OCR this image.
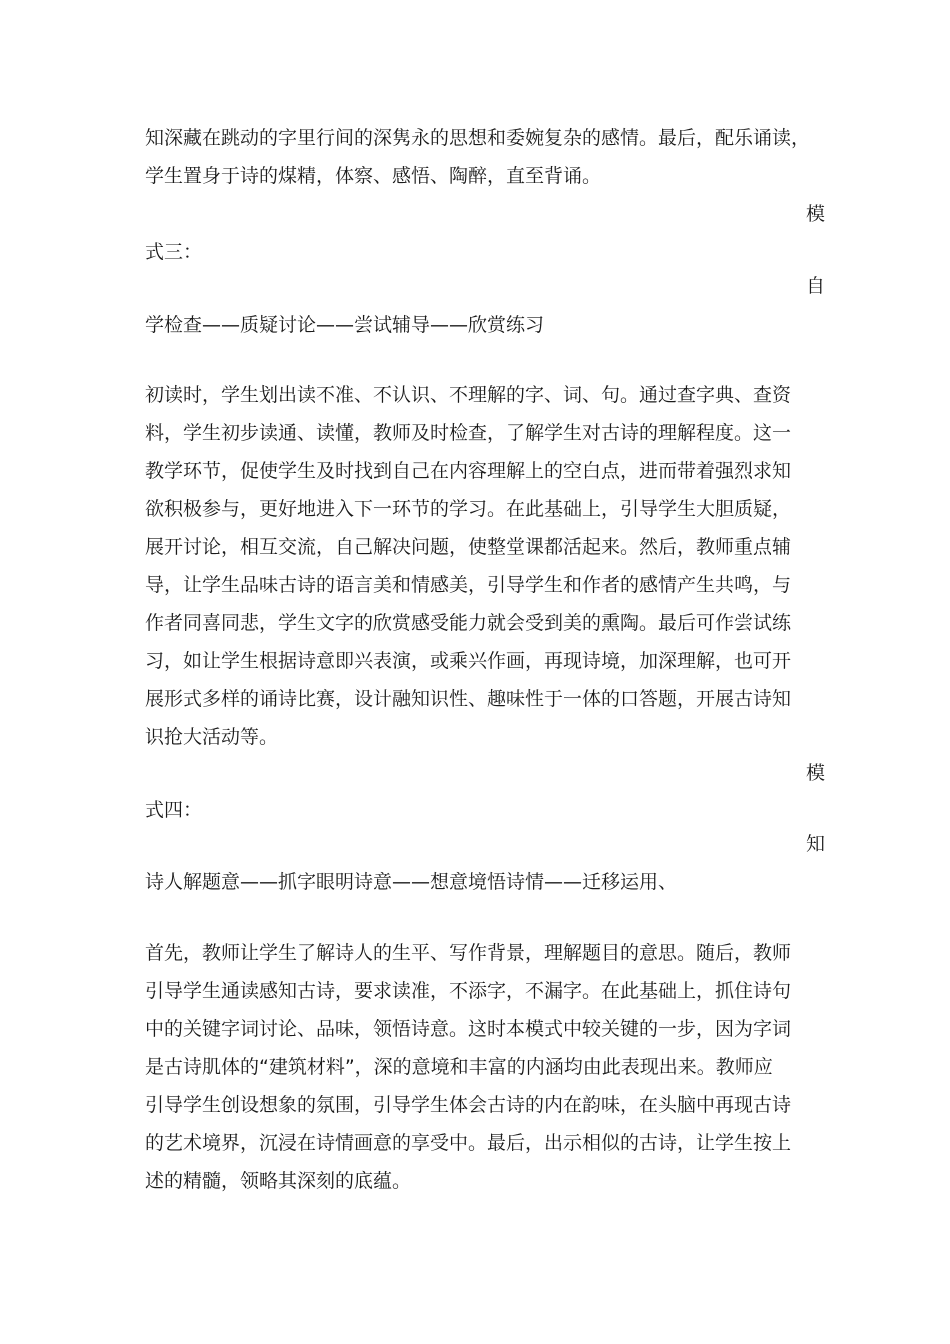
知深藏在跳动的字里行间的深隽永的思想和委婉复杂的感情。最后，配乐诵读，
学生置身于诗的煤精，体察、感悟、陶醉，直至背诵。
模
式三：
自
学检查——质疑讨论——尝试辅导——欣赏练习
初读时，学生划出读不准、不认识、不理解的字、词、句。通过查字典、查资
料，学生初步读通、读懂，教师及时检查，了解学生对古诗的理解程度。这一
教学环节，促使学生及时找到自己在内容理解上的空白点，进而带着强烈求知
欲积极参与，更好地进入下一环节的学习。在此基础上，引导学生大胆质疑，
展开讨论，相互交流，自己解决问题，使整堂课都活起来。然后，教师重点辅
导，让学生品味古诗的语言美和情感美，引导学生和作者的感情产生共鸣，与
作者同喜同悲，学生文字的欣赏感受能力就会受到美的熏陶。最后可作尝试练
习，如让学生根据诗意即兴表演，或乘兴作画，再现诗境，加深理解，也可开
展形式多样的诵诗比赛，设计融知识性、趣味性于一体的口答题，开展古诗知
识抢大活动等。
模
式四：
知
诗人解题意——抓字眼明诗意——想意境悟诗情——迁移运用、
首先，教师让学生了解诗人的生平、写作背景，理解题目的意思。随后，教师
引导学生通读感知古诗，要求读准，不添字，不漏字。在此基础上，抓住诗句
中的关键字词讨论、品味，领悟诗意。这时本模式中较关键的一步，因为字词
是古诗肌体的“建筑材料”，深的意境和丰富的内涵均由此表现出来。教师应
引导学生创设想象的氛围，引导学生体会古诗的内在韵味，在头脑中再现古诗
的艺术境界，沉浸在诗情画意的享受中。最后，出示相似的古诗，让学生按上
述的精髓，领略其深刻的底蕴。
